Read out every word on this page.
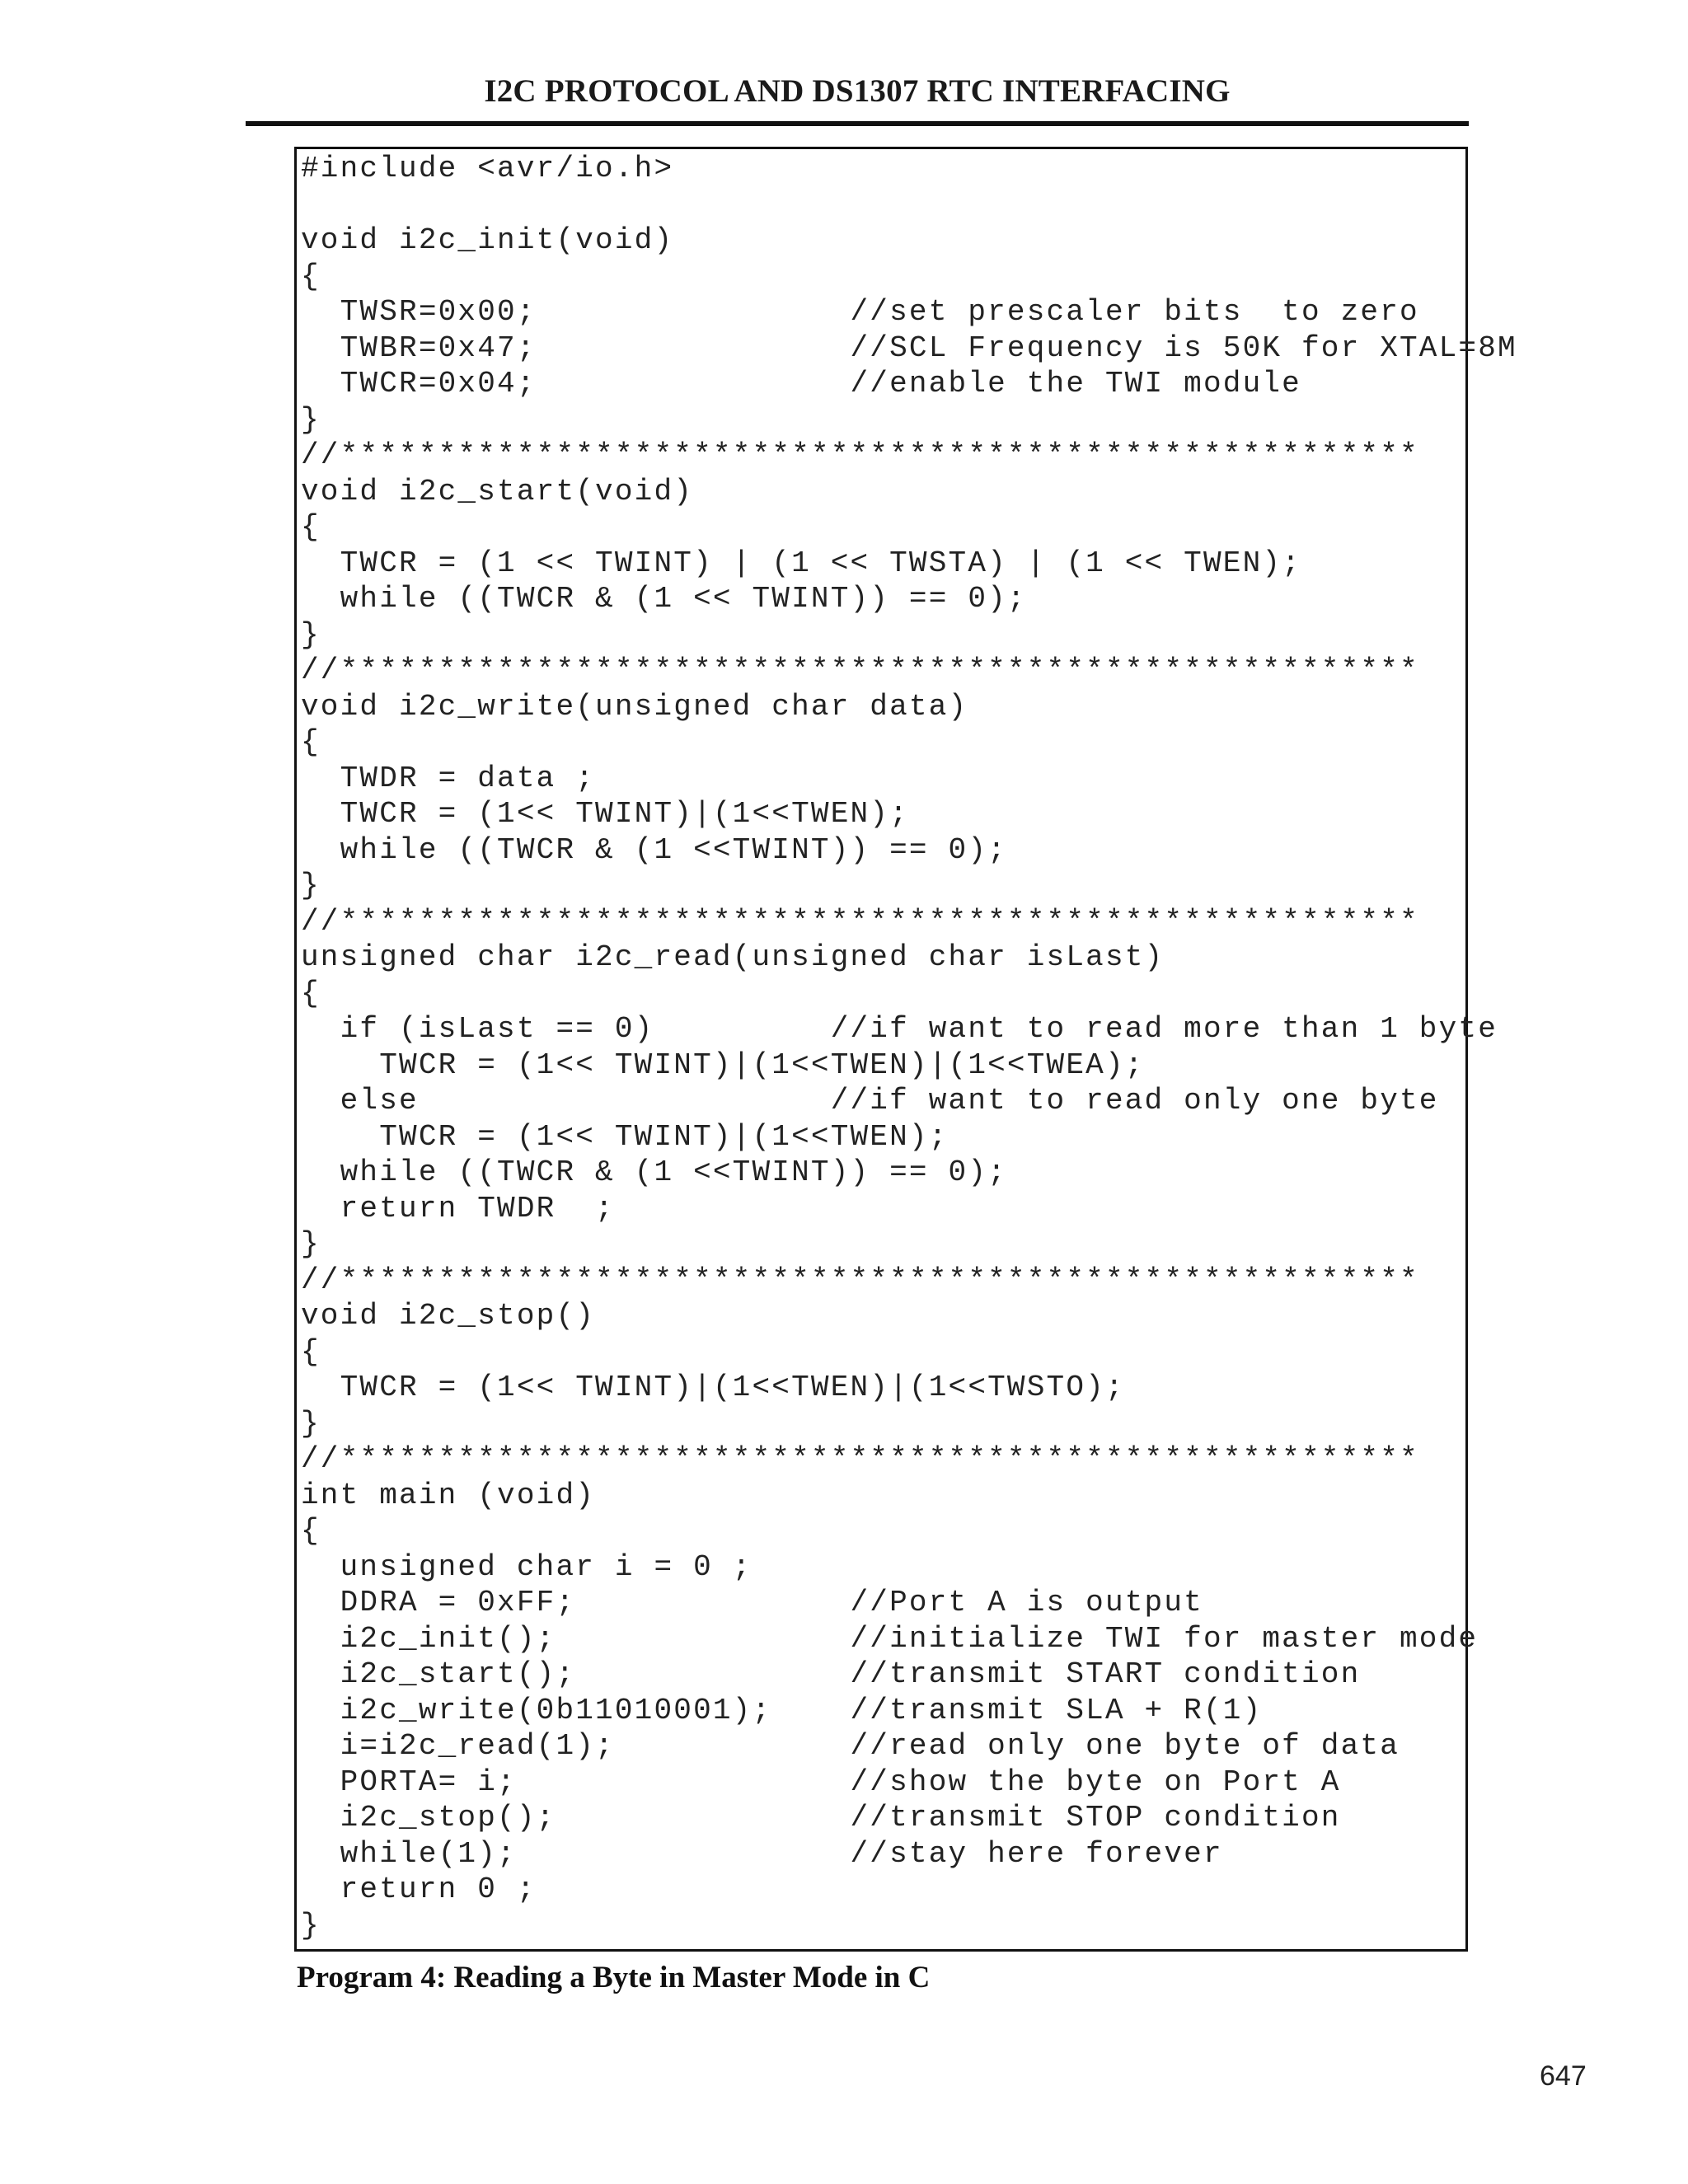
I2C PROTOCOL AND DS1307 RTC INTERFACING
#include <avr/io.h>
void i2c_init(void)
{
TWSR=0x00;                //set prescaler bits  to zero
TWBR=0x47;                //SCL Frequency is 50K for XTAL=8M
TWCR=0x04;                //enable the TWI module
}
//*******************************************************
void i2c_start(void)
{
TWCR = (1 << TWINT) | (1 << TWSTA) | (1 << TWEN);
while ((TWCR & (1 << TWINT)) == 0);
}
//*******************************************************
void i2c_write(unsigned char data)
{
TWDR = data ;
TWCR = (1<< TWINT)|(1<<TWEN);
while ((TWCR & (1 <<TWINT)) == 0);
}
//*******************************************************
unsigned char i2c_read(unsigned char isLast)
{
if (isLast == 0)         //if want to read more than 1 byte
TWCR = (1<< TWINT)|(1<<TWEN)|(1<<TWEA);
else                     //if want to read only one byte
TWCR = (1<< TWINT)|(1<<TWEN);
while ((TWCR & (1 <<TWINT)) == 0);
return TWDR  ;
}
//*******************************************************
void i2c_stop()
{
TWCR = (1<< TWINT)|(1<<TWEN)|(1<<TWSTO);
}
//*******************************************************
int main (void)
{
unsigned char i = 0 ;
DDRA = 0xFF;              //Port A is output
i2c_init();               //initialize TWI for master mode
i2c_start();              //transmit START condition
i2c_write(0b11010001);    //transmit SLA + R(1)
i=i2c_read(1);            //read only one byte of data
PORTA= i;                 //show the byte on Port A
i2c_stop();               //transmit STOP condition
while(1);                 //stay here forever
return 0 ;
}
Program 4: Reading a Byte in Master Mode in C
647
